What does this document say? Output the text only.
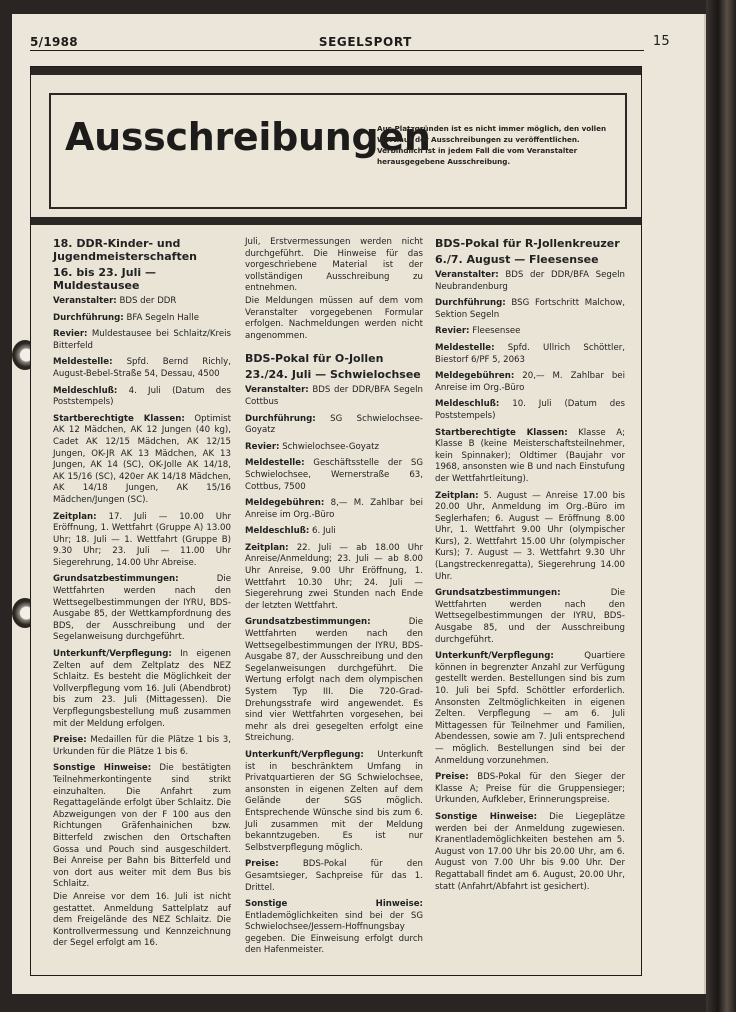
5/1988	SEGELSPORT	15
Ausschreibungen
Aus Platzgründen ist es nicht immer möglich, den vollen Wortlaut der Ausschreibungen zu veröffentlichen. Verbindlich ist in jedem Fall die vom Veranstalter herausgegebene Ausschreibung.
18. DDR-Kinder- und Jugendmeisterschaften
16. bis 23. Juli — Muldestausee
Veranstalter: BDS der DDR
Durchführung: BFA Segeln Halle
Revier: Muldestausee bei Schlaitz/Kreis Bitterfeld
Meldestelle: Spfd. Bernd Richly, August-Bebel-Straße 54, Dessau, 4500
Meldeschluß: 4. Juli (Datum des Poststempels)
Startberechtigte Klassen: Optimist AK 12 Mädchen, AK 12 Jungen (40 kg), Cadet AK 12/15 Mädchen, AK 12/15 Jungen, OK-JR AK 13 Mädchen, AK 13 Jungen, AK 14 (SC), OK-Jolle AK 14/18, AK 15/16 (SC), 420er AK 14/18 Mädchen, AK 14/18 Jungen, AK 15/16 Mädchen/Jungen (SC).
Zeitplan: 17. Juli — 10.00 Uhr Eröffnung, 1. Wettfahrt (Gruppe A) 13.00 Uhr; 18. Juli — 1. Wettfahrt (Gruppe B) 9.30 Uhr; 23. Juli — 11.00 Uhr Siegerehrung, 14.00 Uhr Abreise.
Grundsatzbestimmungen: Die Wettfahrten werden nach den Wettsegelbestimmungen der IYRU, BDS-Ausgabe 85, der Wettkampfordnung des BDS, der Ausschreibung und der Segelanweisung durchgeführt.
Unterkunft/Verpflegung: In eigenen Zelten auf dem Zeltplatz des NEZ Schlaitz. Es besteht die Möglichkeit der Vollverpflegung vom 16. Juli (Abendbrot) bis zum 23. Juli (Mittagessen). Die Verpflegungsbestellung muß zusammen mit der Meldung erfolgen.
Preise: Medaillen für die Plätze 1 bis 3, Urkunden für die Plätze 1 bis 6.
Sonstige Hinweise: Die bestätigten Teilnehmerkontingente sind strikt einzuhalten. Die Anfahrt zum Regattagelände erfolgt über Schlaitz. Die Abzweigungen von der F 100 aus den Richtungen Gräfenhainichen bzw. Bitterfeld zwischen den Ortschaften Gossa und Pouch sind ausgeschildert. Bei Anreise per Bahn bis Bitterfeld und von dort aus weiter mit dem Bus bis Schlaitz.
Die Anreise vor dem 16. Juli ist nicht gestattet. Anmeldung Sattelplatz auf dem Freigelände des NEZ Schlaitz. Die Kontrollvermessung und Kennzeichnung der Segel erfolgt am 16.
Juli, Erstvermessungen werden nicht durchgeführt. Die Hinweise für das vorgeschriebene Material ist der vollständigen Ausschreibung zu entnehmen.
Die Meldungen müssen auf dem vom Veranstalter vorgegebenen Formular erfolgen. Nachmeldungen werden nicht angenommen.
BDS-Pokal für O-Jollen
23./24. Juli — Schwielochsee
Veranstalter: BDS der DDR/BFA Segeln Cottbus
Durchführung: SG Schwielochsee-Goyatz
Revier: Schwielochsee-Goyatz
Meldestelle: Geschäftsstelle der SG Schwielochsee, Wernerstraße 63, Cottbus, 7500
Meldegebühren: 8,— M. Zahlbar bei Anreise im Org.-Büro
Meldeschluß: 6. Juli
Zeitplan: 22. Juli — ab 18.00 Uhr Anreise/Anmeldung; 23. Juli — ab 8.00 Uhr Anreise, 9.00 Uhr Eröffnung, 1. Wettfahrt 10.30 Uhr; 24. Juli — Siegerehrung zwei Stunden nach Ende der letzten Wettfahrt.
Grundsatzbestimmungen: Die Wettfahrten werden nach den Wettsegelbestimmungen der IYRU, BDS-Ausgabe 87, der Ausschreibung und den Segelanweisungen durchgeführt. Die Wertung erfolgt nach dem olympischen System Typ III. Die 720-Grad-Drehungsstrafe wird angewendet. Es sind vier Wettfahrten vorgesehen, bei mehr als drei gesegelten erfolgt eine Streichung.
Unterkunft/Verpflegung: Unterkunft ist in beschränktem Umfang in Privatquartieren der SG Schwielochsee, ansonsten in eigenen Zelten auf dem Gelände der SGS möglich. Entsprechende Wünsche sind bis zum 6. Juli zusammen mit der Meldung bekanntzugeben. Es ist nur Selbstverpflegung möglich.
Preise: BDS-Pokal für den Gesamtsieger, Sachpreise für das 1. Drittel.
Sonstige Hinweise: Entlademöglichkeiten sind bei der SG Schwielochsee/Jessern-Hoffnungsbay gegeben. Die Einweisung erfolgt durch den Hafenmeister.
BDS-Pokal für R-Jollenkreuzer
6./7. August — Fleesensee
Veranstalter: BDS der DDR/BFA Segeln Neubrandenburg
Durchführung: BSG Fortschritt Malchow, Sektion Segeln
Revier: Fleesensee
Meldestelle: Spfd. Ullrich Schöttler, Biestorf 6/PF 5, 2063
Meldegebühren: 20,— M. Zahlbar bei Anreise im Org.-Büro
Meldeschluß: 10. Juli (Datum des Poststempels)
Startberechtigte Klassen: Klasse A; Klasse B (keine Meisterschaftsteilnehmer, kein Spinnaker); Oldtimer (Baujahr vor 1968, ansonsten wie B und nach Einstufung der Wettfahrtleitung).
Zeitplan: 5. August — Anreise 17.00 bis 20.00 Uhr, Anmeldung im Org.-Büro im Seglerhafen; 6. August — Eröffnung 8.00 Uhr, 1. Wettfahrt 9.00 Uhr (olympischer Kurs), 2. Wettfahrt 15.00 Uhr (olympischer Kurs); 7. August — 3. Wettfahrt 9.30 Uhr (Langstreckenregatta), Siegerehrung 14.00 Uhr.
Grundsatzbestimmungen: Die Wettfahrten werden nach den Wettsegelbestimmungen der IYRU, BDS-Ausgabe 85, und der Ausschreibung durchgeführt.
Unterkunft/Verpflegung: Quartiere können in begrenzter Anzahl zur Verfügung gestellt werden. Bestellungen sind bis zum 10. Juli bei Spfd. Schöttler erforderlich. Ansonsten Zeltmöglichkeiten in eigenen Zelten. Verpflegung — am 6. Juli Mittagessen für Teilnehmer und Familien, Abendessen, sowie am 7. Juli entsprechend — möglich. Bestellungen sind bei der Anmeldung vorzunehmen.
Preise: BDS-Pokal für den Sieger der Klasse A; Preise für die Gruppensieger; Urkunden, Aufkleber, Erinnerungspreise.
Sonstige Hinweise: Die Liegeplätze werden bei der Anmeldung zugewiesen. Kranentlademöglichkeiten bestehen am 5. August von 17.00 Uhr bis 20.00 Uhr, am 6. August von 7.00 Uhr bis 9.00 Uhr. Der Regattaball findet am 6. August, 20.00 Uhr, statt (Anfahrt/Abfahrt ist gesichert).
